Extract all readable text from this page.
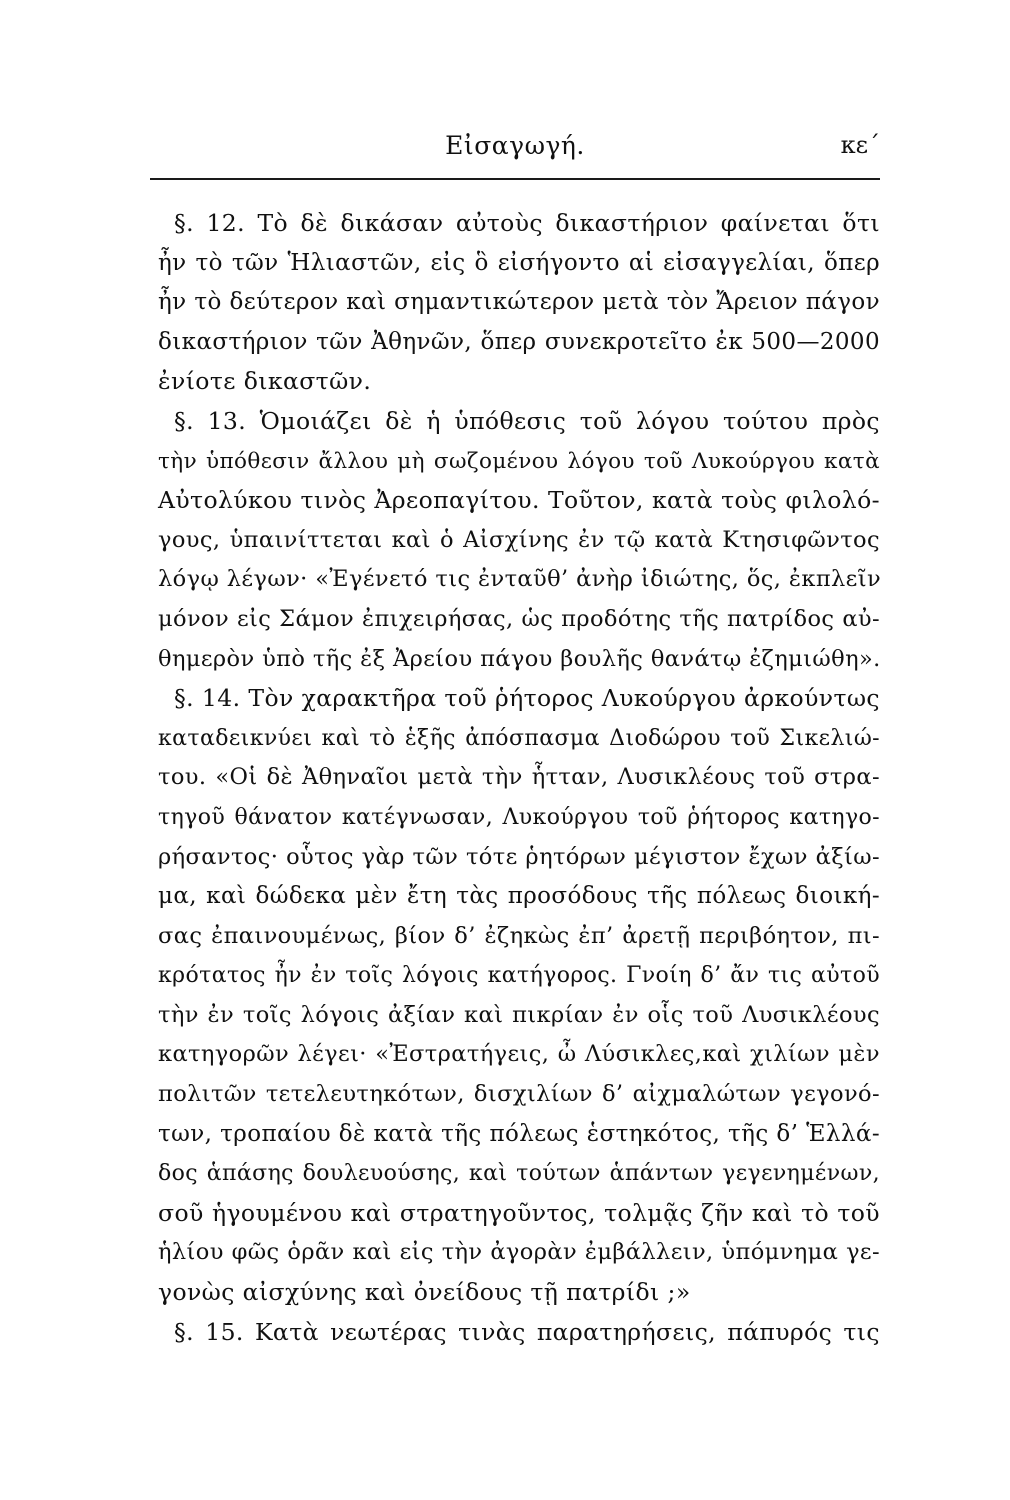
Εἰσαγωγή.	κε΄
§. 12. Τὸ δὲ δικάσαν αὐτοὺς δικαστήριον φαίνεται ὅτι
ἦν τὸ τῶν Ἡλιαστῶν, εἰς ὃ εἰσήγοντο αἱ εἰσαγγελίαι, ὅπερ
ἦν τὸ δεύτερον καὶ σημαντικώτερον μετὰ τὸν Ἄρειον πάγον
δικαστήριον τῶν Ἀθηνῶν, ὅπερ συνεκροτεῖτο ἐκ 500—2000
ἐνίοτε δικαστῶν.
§. 13. Ὁμοιάζει δὲ ἡ ὑπόθεσις τοῦ λόγου τούτου πρὸς
τὴν ὑπόθεσιν ἄλλου μὴ σωζομένου λόγου τοῦ Λυκούργου κατὰ
Αὐτολύκου τινὸς Ἀρεοπαγίτου. Τοῦτον, κατὰ τοὺς φιλολό-
γους, ὑπαινίττεται καὶ ὁ Αἰσχίνης ἐν τῷ κατὰ Κτησιφῶντος
λόγῳ λέγων· «Ἐγένετό τις ἐνταῦθ’ ἀνὴρ ἰδιώτης, ὅς, ἐκπλεῖν
μόνον εἰς Σάμον ἐπιχειρήσας, ὡς προδότης τῆς πατρίδος αὐ-
θημερὸν ὑπὸ τῆς ἐξ Ἀρείου πάγου βουλῆς θανάτῳ ἐζημιώθη».
§. 14. Τὸν χαρακτῆρα τοῦ ῥήτορος Λυκούργου ἀρκούντως
καταδεικνύει καὶ τὸ ἑξῆς ἀπόσπασμα Διοδώρου τοῦ Σικελιώ-
του. «Οἱ δὲ Ἀθηναῖοι μετὰ τὴν ἧτταν, Λυσικλέους τοῦ στρα-
τηγοῦ θάνατον κατέγνωσαν, Λυκούργου τοῦ ῥήτορος κατηγο-
ρήσαντος· οὗτος γὰρ τῶν τότε ῥητόρων μέγιστον ἔχων ἀξίω-
μα, καὶ δώδεκα μὲν ἔτη τὰς προσόδους τῆς πόλεως διοική-
σας ἐπαινουμένως, βίον δ’ ἐζηκὼς ἐπ’ ἀρετῇ περιβόητον, πι-
κρότατος ἦν ἐν τοῖς λόγοις κατήγορος. Γνοίη δ’ ἄν τις αὐτοῦ
τὴν ἐν τοῖς λόγοις ἀξίαν καὶ πικρίαν ἐν οἷς τοῦ Λυσικλέους
κατηγορῶν λέγει· «Ἐστρατήγεις, ὦ Λύσικλες,καὶ χιλίων μὲν
πολιτῶν τετελευτηκότων, δισχιλίων δ’ αἰχμαλώτων γεγονό-
των, τροπαίου δὲ κατὰ τῆς πόλεως ἑστηκότος, τῆς δ’ Ἑλλά-
δος ἁπάσης δουλευούσης, καὶ τούτων ἁπάντων γεγενημένων,
σοῦ ἡγουμένου καὶ στρατηγοῦντος, τολμᾷς ζῆν καὶ τὸ τοῦ
ἡλίου φῶς ὁρᾶν καὶ εἰς τὴν ἀγορὰν ἐμβάλλειν, ὑπόμνημα γε-
γονὼς αἰσχύνης καὶ ὀνείδους τῇ πατρίδι ;»
§. 15. Κατὰ νεωτέρας τινὰς παρατηρήσεις, πάπυρός τις
